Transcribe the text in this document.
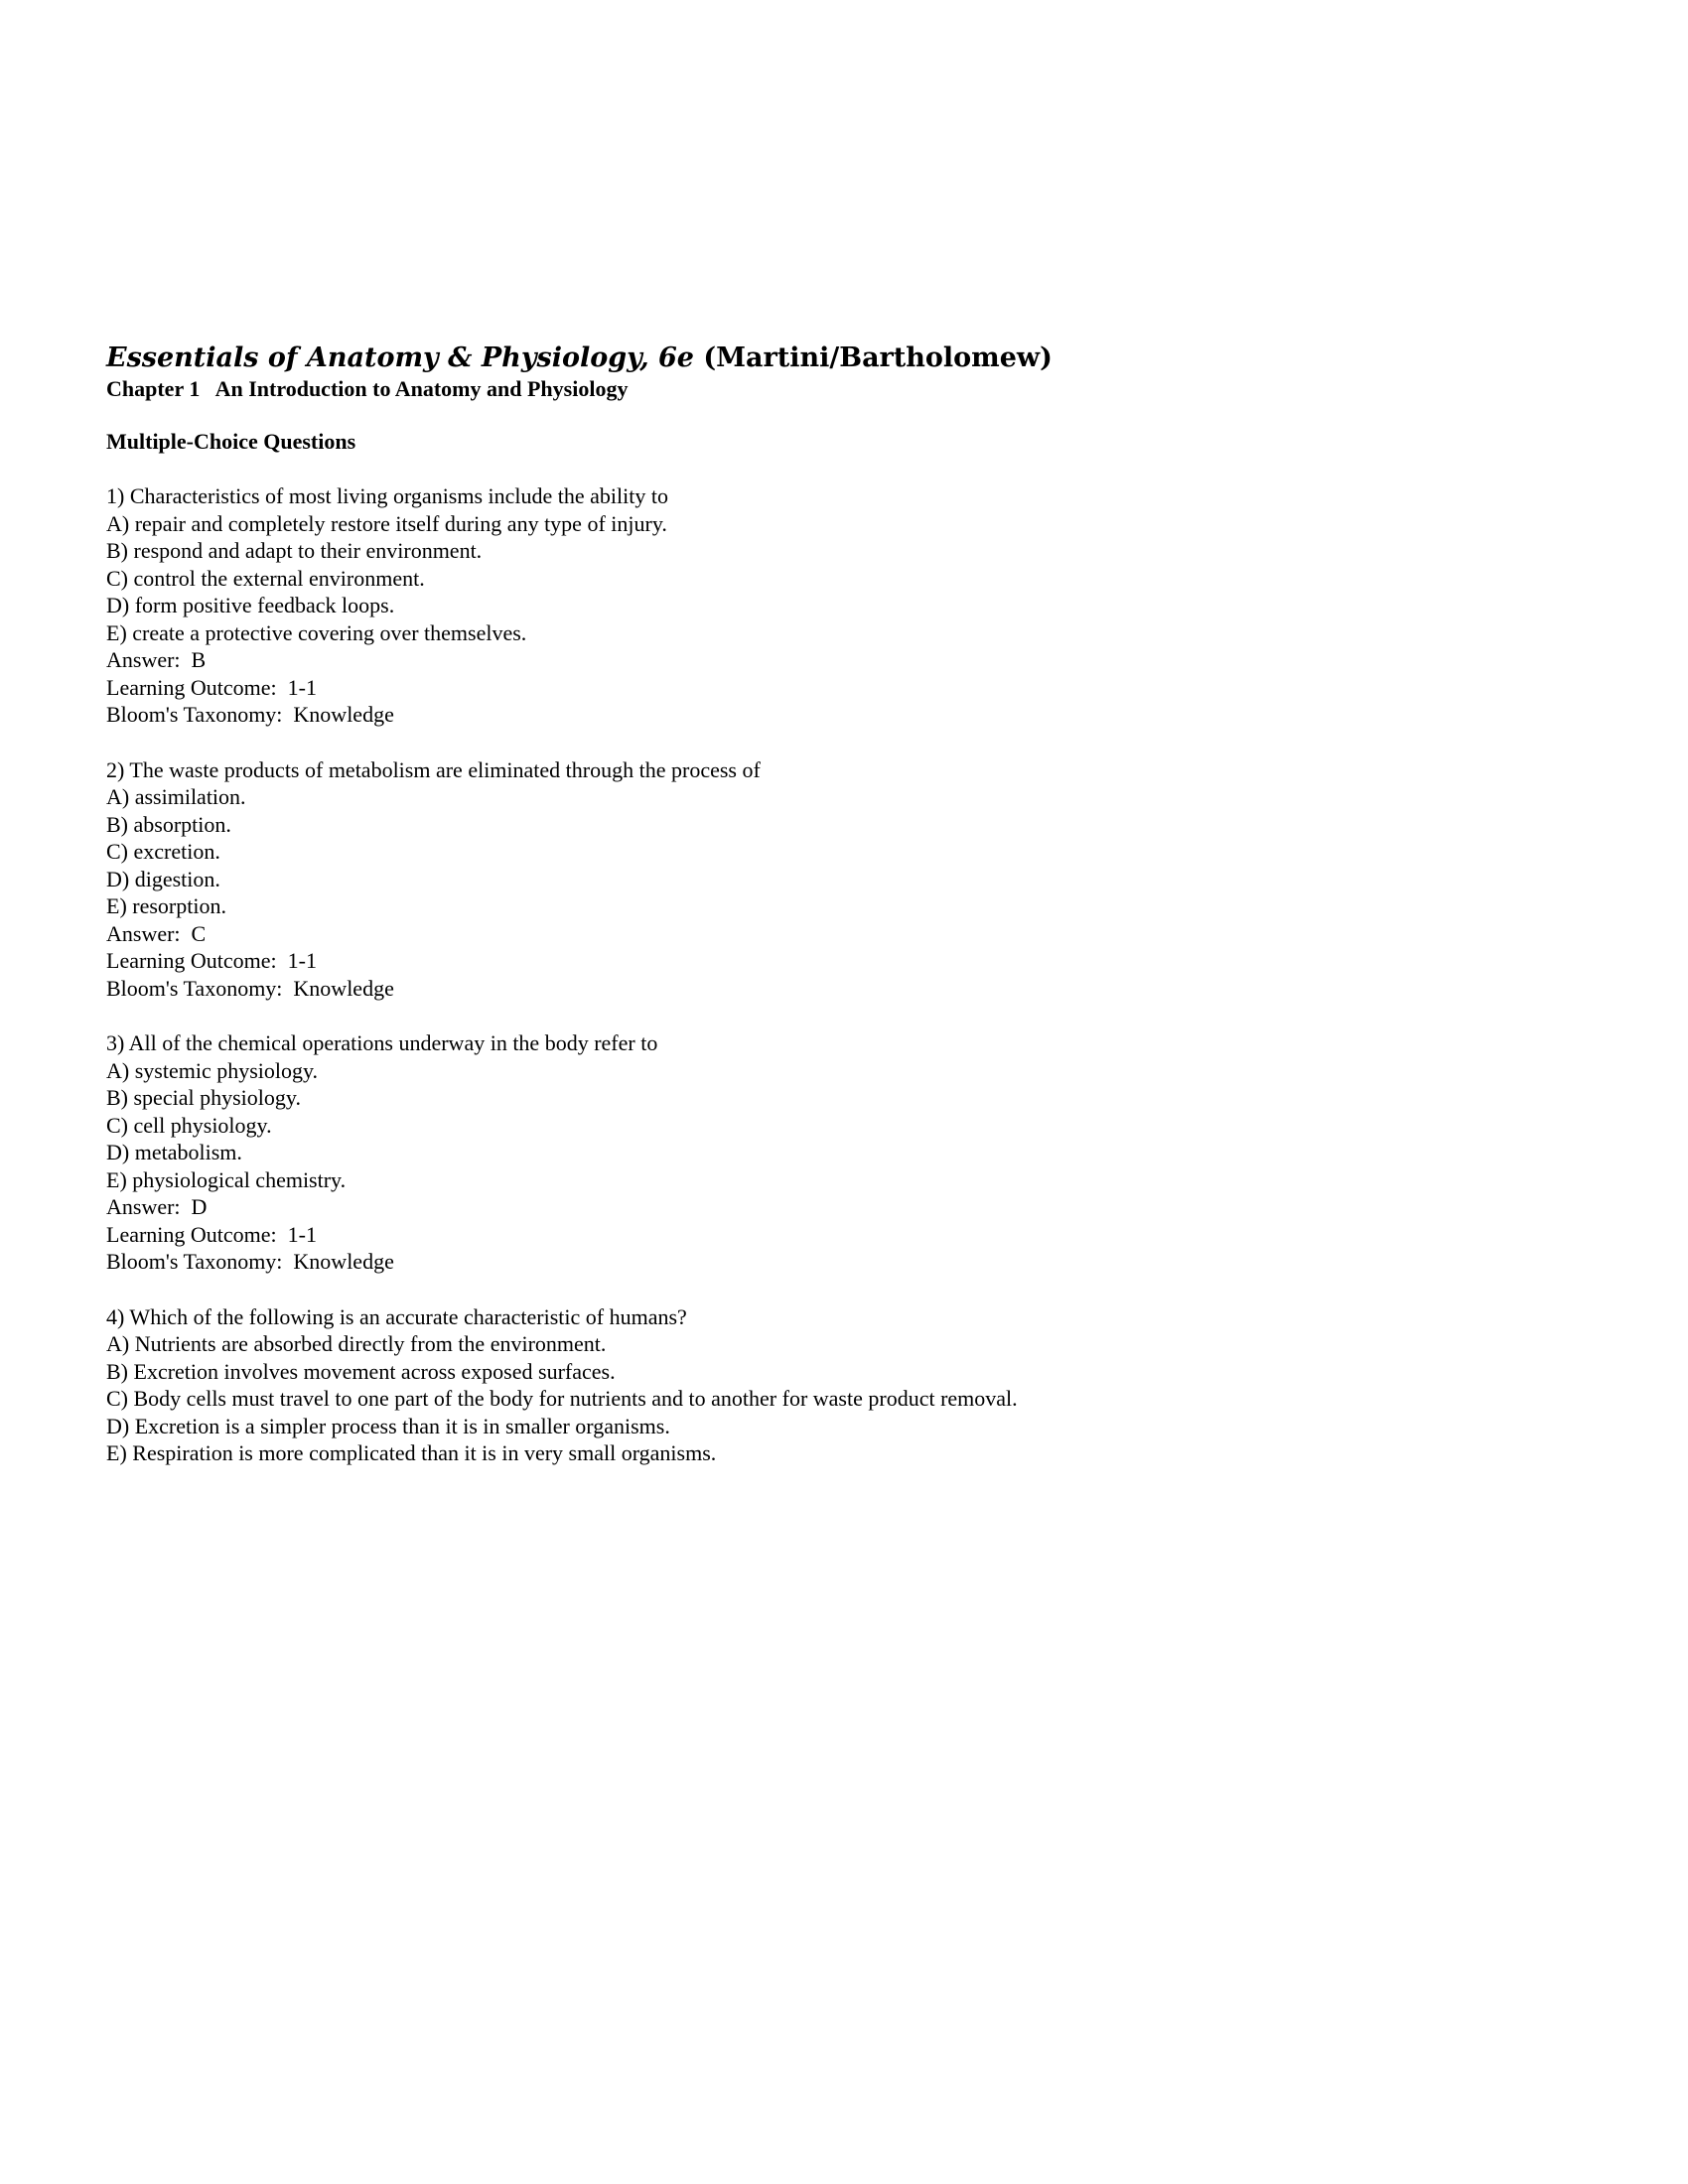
Essentials of Anatomy & Physiology, 6e (Martini/Bartholomew)
Chapter 1   An Introduction to Anatomy and Physiology
Multiple-Choice Questions
1) Characteristics of most living organisms include the ability to
A) repair and completely restore itself during any type of injury.
B) respond and adapt to their environment.
C) control the external environment.
D) form positive feedback loops.
E) create a protective covering over themselves.
Answer:  B
Learning Outcome:  1-1
Bloom's Taxonomy:  Knowledge
2) The waste products of metabolism are eliminated through the process of
A) assimilation.
B) absorption.
C) excretion.
D) digestion.
E) resorption.
Answer:  C
Learning Outcome:  1-1
Bloom's Taxonomy:  Knowledge
3) All of the chemical operations underway in the body refer to
A) systemic physiology.
B) special physiology.
C) cell physiology.
D) metabolism.
E) physiological chemistry.
Answer:  D
Learning Outcome:  1-1
Bloom's Taxonomy:  Knowledge
4) Which of the following is an accurate characteristic of humans?
A) Nutrients are absorbed directly from the environment.
B) Excretion involves movement across exposed surfaces.
C) Body cells must travel to one part of the body for nutrients and to another for waste product removal.
D) Excretion is a simpler process than it is in smaller organisms.
E) Respiration is more complicated than it is in very small organisms.
